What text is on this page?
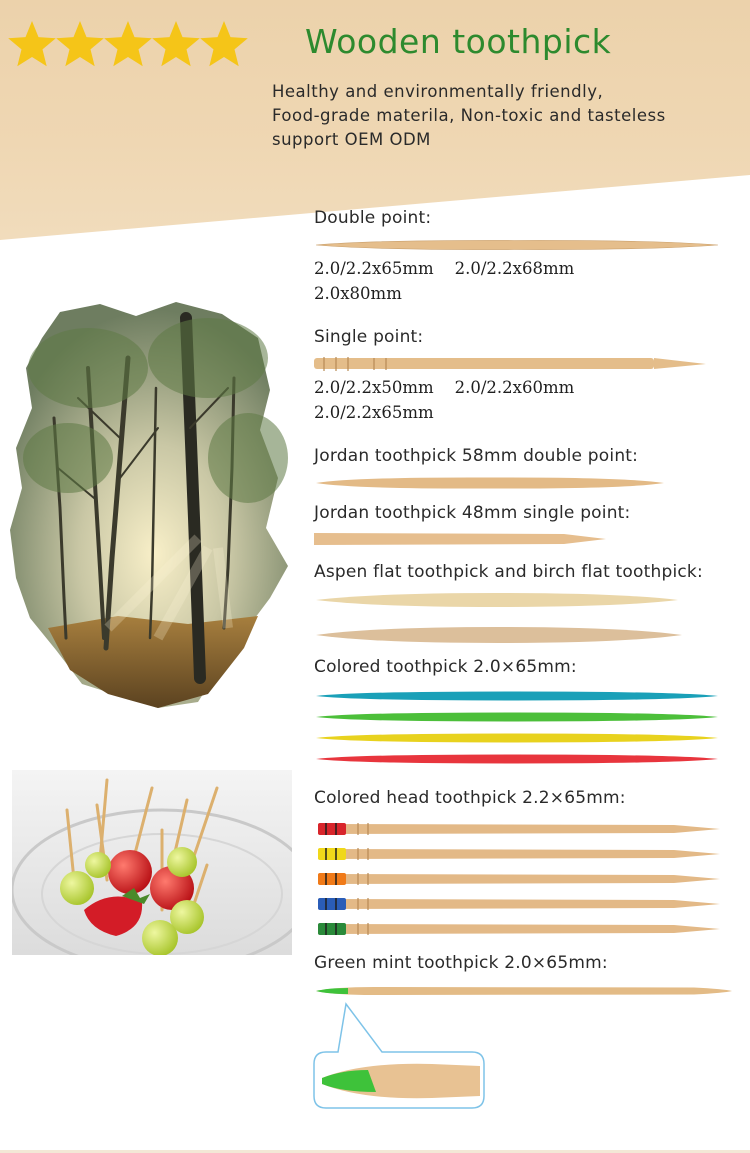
Wooden toothpick
Healthy and environmentally friendly,
Food-grade materila, Non-toxic and tasteless
support OEM ODM
Double point:
2.0/2.2x65mm 2.0/2.2x68mm
2.0x80mm
Single point:
2.0/2.2x50mm 2.0/2.2x60mm
2.0/2.2x65mm
Jordan toothpick 58mm double point:
Jordan toothpick 48mm single point:
Aspen flat toothpick and birch flat toothpick:
Colored toothpick 2.0×65mm:
Colored head toothpick 2.2×65mm:
Green mint toothpick 2.0×65mm:
